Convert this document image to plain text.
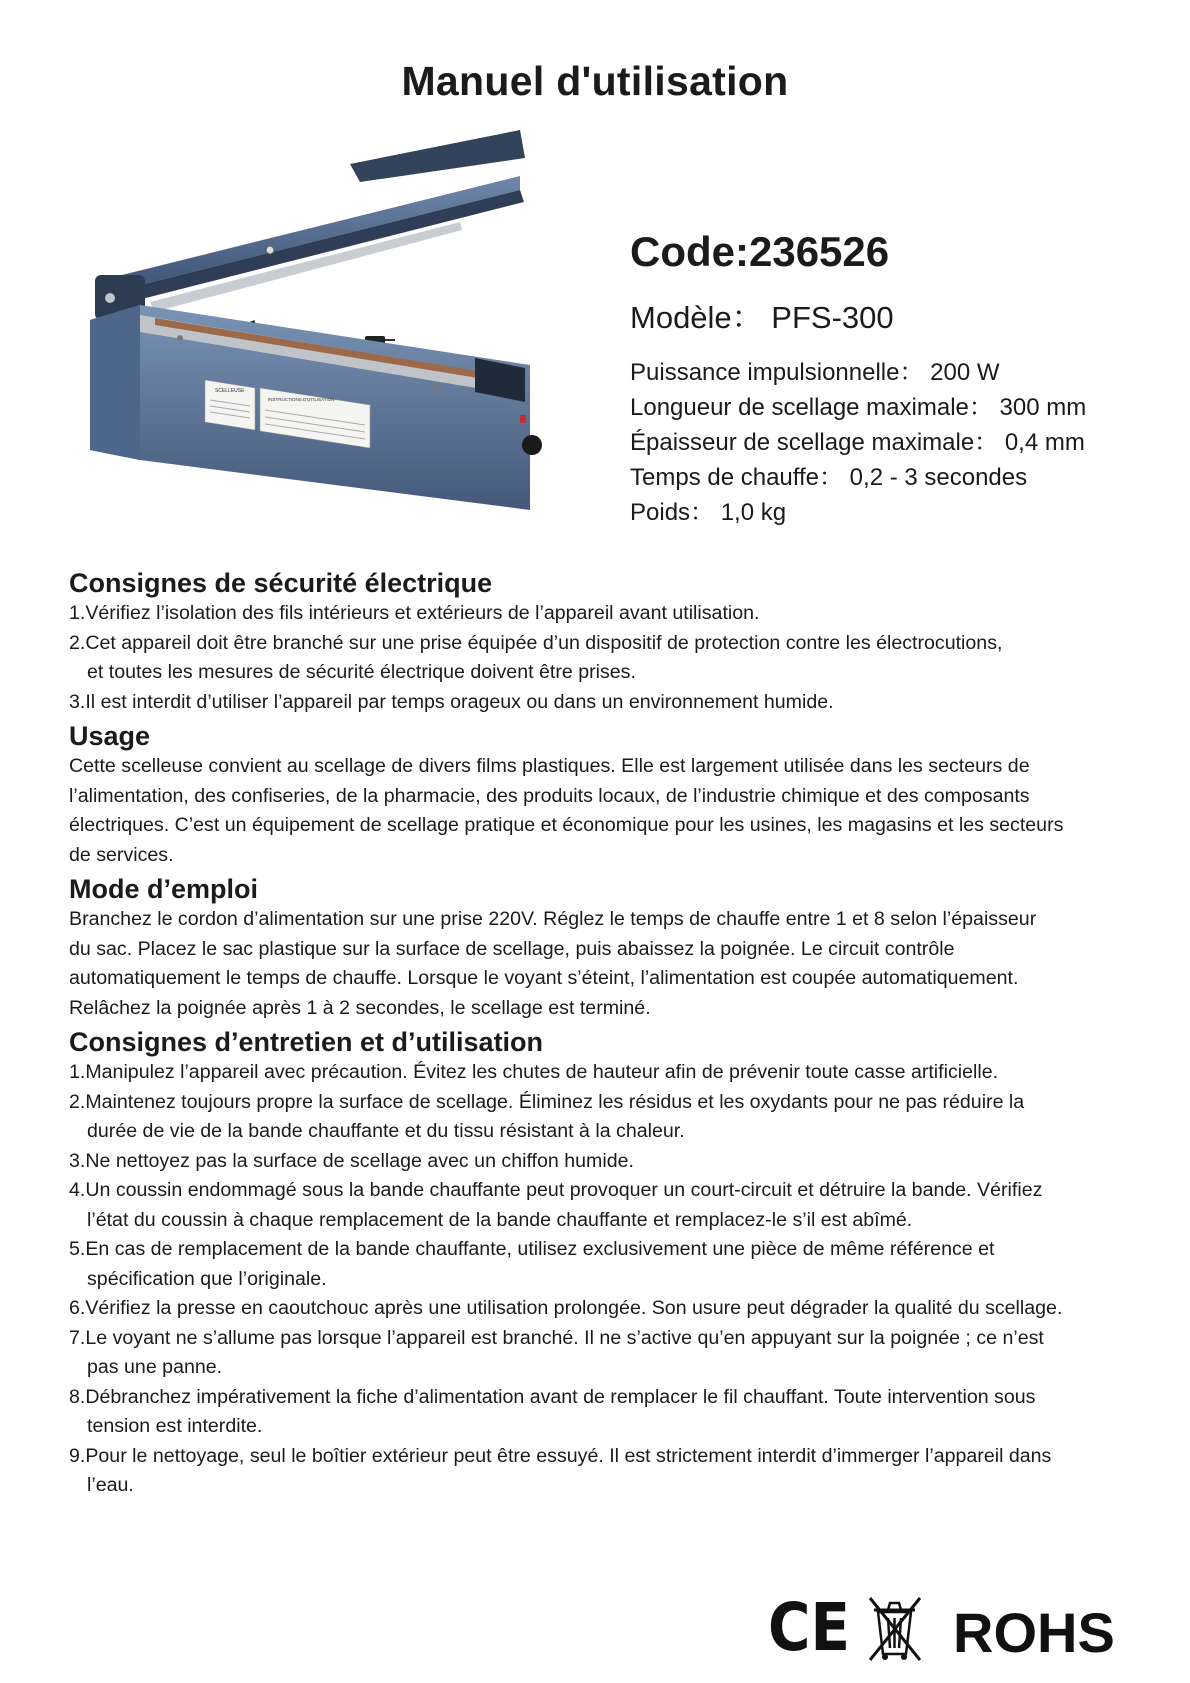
Manuel d'utilisation
SCELLEUSE
INSTRUCTIONS D'UTILISATION
Code:236526
Modèle： PFS-300
Puissance impulsionnelle： 200 W
Longueur de scellage maximale： 300 mm
Épaisseur de scellage maximale： 0,4 mm
Temps de chauffe： 0,2 - 3 secondes
Poids： 1,0 kg
Consignes de sécurité électrique
1.Vérifiez l’isolation des fils intérieurs et extérieurs de l’appareil avant utilisation.
2.Cet appareil doit être branché sur une prise équipée d’un dispositif de protection contre les électrocutions,
et toutes les mesures de sécurité électrique doivent être prises.
3.Il est interdit d’utiliser l’appareil par temps orageux ou dans un environnement humide.
Usage
Cette scelleuse convient au scellage de divers films plastiques. Elle est largement utilisée dans les secteurs de
l’alimentation, des confiseries, de la pharmacie, des produits locaux, de l’industrie chimique et des composants
électriques. C’est un équipement de scellage pratique et économique pour les usines, les magasins et les secteurs
de services.
Mode d’emploi
Branchez le cordon d’alimentation sur une prise 220V. Réglez le temps de chauffe entre 1 et 8 selon l’épaisseur
du sac. Placez le sac plastique sur la surface de scellage, puis abaissez la poignée. Le circuit contrôle
automatiquement le temps de chauffe. Lorsque le voyant s’éteint, l’alimentation est coupée automatiquement.
Relâchez la poignée après 1 à 2 secondes, le scellage est terminé.
Consignes d’entretien et d’utilisation
1.Manipulez l’appareil avec précaution. Évitez les chutes de hauteur afin de prévenir toute casse artificielle.
2.Maintenez toujours propre la surface de scellage. Éliminez les résidus et les oxydants pour ne pas réduire la
durée de vie de la bande chauffante et du tissu résistant à la chaleur.
3.Ne nettoyez pas la surface de scellage avec un chiffon humide.
4.Un coussin endommagé sous la bande chauffante peut provoquer un court-circuit et détruire la bande. Vérifiez
l’état du coussin à chaque remplacement de la bande chauffante et remplacez-le s’il est abîmé.
5.En cas de remplacement de la bande chauffante, utilisez exclusivement une pièce de même référence et
spécification que l’originale.
6.Vérifiez la presse en caoutchouc après une utilisation prolongée. Son usure peut dégrader la qualité du scellage.
7.Le voyant ne s’allume pas lorsque l’appareil est branché. Il ne s’active qu’en appuyant sur la poignée ; ce n’est
pas une panne.
8.Débranchez impérativement la fiche d’alimentation avant de remplacer le fil chauffant. Toute intervention sous
tension est interdite.
9.Pour le nettoyage, seul le boîtier extérieur peut être essuyé. Il est strictement interdit d’immerger l’appareil dans
l’eau.
CE ROHS
